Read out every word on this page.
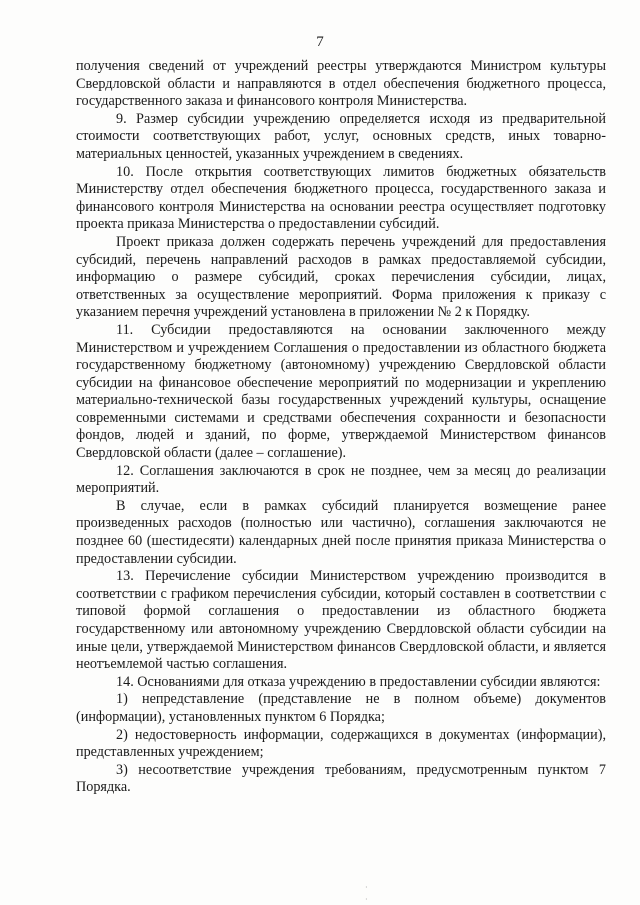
7

получения сведений от учреждений реестры утверждаются Министром культуры Свердловской области и направляются в отдел обеспечения бюджетного процесса, государственного заказа и финансового контроля Министерства.

9. Размер субсидии учреждению определяется исходя из предварительной стоимости соответствующих работ, услуг, основных средств, иных товарно-материальных ценностей, указанных учреждением в сведениях.

10. После открытия соответствующих лимитов бюджетных обязательств Министерству отдел обеспечения бюджетного процесса, государственного заказа и финансового контроля Министерства на основании реестра осуществляет подготовку проекта приказа Министерства о предоставлении субсидий.

Проект приказа должен содержать перечень учреждений для предоставления субсидий, перечень направлений расходов в рамках предоставляемой субсидии, информацию о размере субсидий, сроках перечисления субсидии, лицах, ответственных за осуществление мероприятий. Форма приложения к приказу с указанием перечня учреждений установлена в приложении № 2 к Порядку.

11. Субсидии предоставляются на основании заключенного между Министерством и учреждением Соглашения о предоставлении из областного бюджета государственному бюджетному (автономному) учреждению Свердловской области субсидии на финансовое обеспечение мероприятий по модернизации и укреплению материально-технической базы государственных учреждений культуры, оснащение современными системами и средствами обеспечения сохранности и безопасности фондов, людей и зданий, по форме, утверждаемой Министерством финансов Свердловской области (далее – соглашение).

12. Соглашения заключаются в срок не позднее, чем за месяц до реализации мероприятий.

В случае, если в рамках субсидий планируется возмещение ранее произведенных расходов (полностью или частично), соглашения заключаются не позднее 60 (шестидесяти) календарных дней после принятия приказа Министерства о предоставлении субсидии.

13. Перечисление субсидии Министерством учреждению производится в соответствии с графиком перечисления субсидии, который составлен в соответствии с типовой формой соглашения о предоставлении из областного бюджета государственному или автономному учреждению Свердловской области субсидии на иные цели, утверждаемой Министерством финансов Свердловской области, и является неотъемлемой частью соглашения.

14. Основаниями для отказа учреждению в предоставлении субсидии являются:

1) непредставление (представление не в полном объеме) документов (информации), установленных пунктом 6 Порядка;

2) недостоверность информации, содержащихся в документах (информации), представленных учреждением;

3) несоответствие учреждения требованиям, предусмотренным пунктом 7 Порядка.

·
·
